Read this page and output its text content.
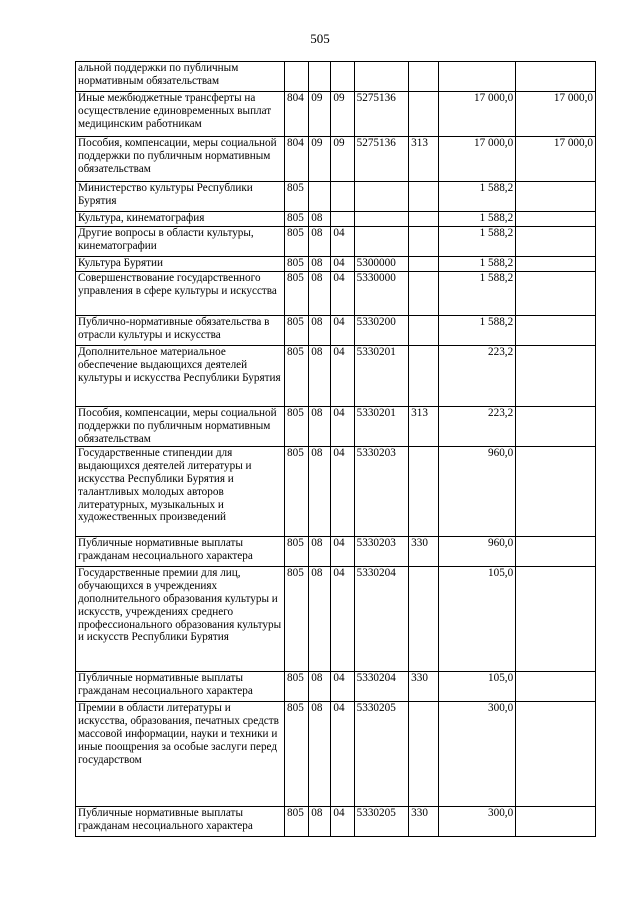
505
альной поддержки по публичным нормативным обязательствам							
Иные межбюджетные трансферты на осуществление единовременных выплат медицинским работникам	804	09	09	5275136		17 000,0	17 000,0
Пособия, компенсации, меры социальной поддержки по публичным нормативным обязательствам	804	09	09	5275136	313	17 000,0	17 000,0
Министерство культуры Республики Бурятия	805					1 588,2	
Культура, кинематография	805	08				1 588,2	
Другие вопросы в области культуры, кинематографии	805	08	04			1 588,2	
Культура Бурятии	805	08	04	5300000		1 588,2	
Совершенствование государственного управления в сфере культуры и искусства	805	08	04	5330000		1 588,2	
Публично-нормативные обязательства в отрасли культуры и искусства	805	08	04	5330200		1 588,2	
Дополнительное материальное обеспечение выдающихся деятелей культуры и искусства Республики Бурятия	805	08	04	5330201		223,2	
Пособия, компенсации, меры социальной поддержки по публичным нормативным обязательствам	805	08	04	5330201	313	223,2	
Государственные стипендии для выдающихся деятелей литературы и искусства Республики Бурятия и талантливых молодых авторов литературных, музыкальных и художественных произведений	805	08	04	5330203		960,0	
Публичные нормативные выплаты гражданам несоциального характера	805	08	04	5330203	330	960,0	
Государственные премии для лиц, обучающихся в учреждениях дополнительного образования культуры и искусств, учреждениях среднего профессионального образования культуры и искусств Республики Бурятия	805	08	04	5330204		105,0	
Публичные нормативные выплаты гражданам несоциального характера	805	08	04	5330204	330	105,0	
Премии в области литературы и искусства, образования, печатных средств массовой информации, науки и техники и иные поощрения за особые заслуги перед государством	805	08	04	5330205		300,0	
Публичные нормативные выплаты гражданам несоциального характера	805	08	04	5330205	330	300,0	
